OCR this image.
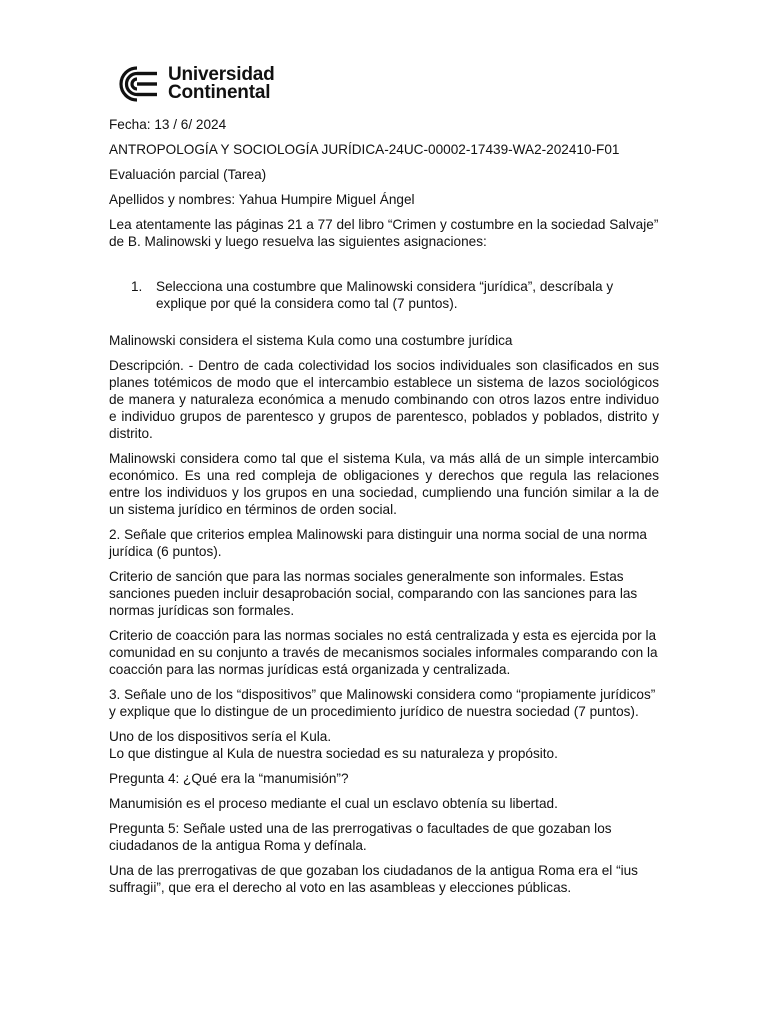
Universidad
Continental

Fecha: 13 / 6/ 2024

ANTROPOLOGÍA Y SOCIOLOGÍA JURÍDICA-24UC-00002-17439-WA2-202410-F01

Evaluación parcial (Tarea)

Apellidos y nombres: Yahua Humpire Miguel Ángel

Lea atentamente las páginas 21 a 77 del libro “Crimen y costumbre en la sociedad Salvaje” de B. Malinowski y luego resuelva las siguientes asignaciones:

1.	Selecciona una costumbre que Malinowski considera “jurídica”, descríbala y explique por qué la considera como tal (7 puntos).

Malinowski considera el sistema Kula como una costumbre jurídica

Descripción. - Dentro de cada colectividad los socios individuales son clasificados en sus planes totémicos de modo que el intercambio establece un sistema de lazos sociológicos de manera y naturaleza económica a menudo combinando con otros lazos entre individuo e individuo grupos de parentesco y grupos de parentesco, poblados y poblados, distrito y distrito.

Malinowski considera como tal que el sistema Kula, va más allá de un simple intercambio económico. Es una red compleja de obligaciones y derechos que regula las relaciones entre los individuos y los grupos en una sociedad, cumpliendo una función similar a la de un sistema jurídico en términos de orden social.

2. Señale que criterios emplea Malinowski para distinguir una norma social de una norma jurídica (6 puntos).

Criterio de sanción que para las normas sociales generalmente son informales. Estas sanciones pueden incluir desaprobación social, comparando con las sanciones para las normas jurídicas son formales.

Criterio de coacción para las normas sociales no está centralizada y esta es ejercida por la comunidad en su conjunto a través de mecanismos sociales informales comparando con la coacción para las normas jurídicas está organizada y centralizada.

3. Señale uno de los “dispositivos” que Malinowski considera como “propiamente jurídicos” y explique que lo distingue de un procedimiento jurídico de nuestra sociedad (7 puntos).

Uno de los dispositivos sería el Kula.
Lo que distingue al Kula de nuestra sociedad es su naturaleza y propósito.

Pregunta 4: ¿Qué era la “manumisión”?

Manumisión es el proceso mediante el cual un esclavo obtenía su libertad.

Pregunta 5: Señale usted una de las prerrogativas o facultades de que gozaban los ciudadanos de la antigua Roma y defínala.

Una de las prerrogativas de que gozaban los ciudadanos de la antigua Roma era el “ius suffragii”, que era el derecho al voto en las asambleas y elecciones públicas.
